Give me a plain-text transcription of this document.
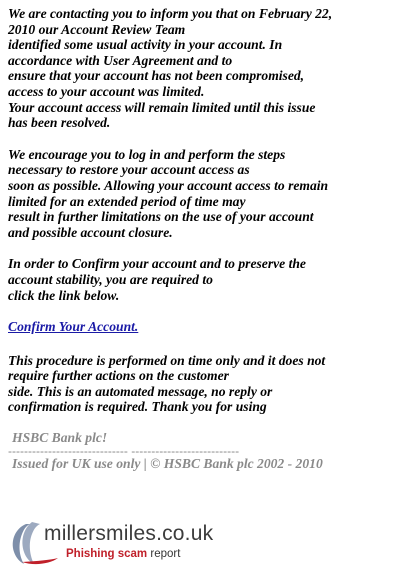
We are contacting you to inform you that on February 22,
2010 our Account Review Team
identified some usual activity in your account. In
accordance with User Agreement and to
ensure that your account has not been compromised,
access to your account was limited.
Your account access will remain limited until this issue
has been resolved.

We encourage you to log in and perform the steps
necessary to restore your account access as
soon as possible. Allowing your account access to remain
limited for an extended period of time may
result in further limitations on the use of your account
and possible account closure.

In order to Confirm your account and to preserve the
account stability, you are required to
click the link below.

Confirm Your Account.

This procedure is performed on time only and it does not
require further actions on the customer
side. This is an automated message, no reply or
confirmation is required. Thank you for using

HSBC Bank plc!
------------------------------ ---------------------------
Issued for UK use only | © HSBC Bank plc 2002 - 2010
millersmiles.co.uk
Phishing scam report
